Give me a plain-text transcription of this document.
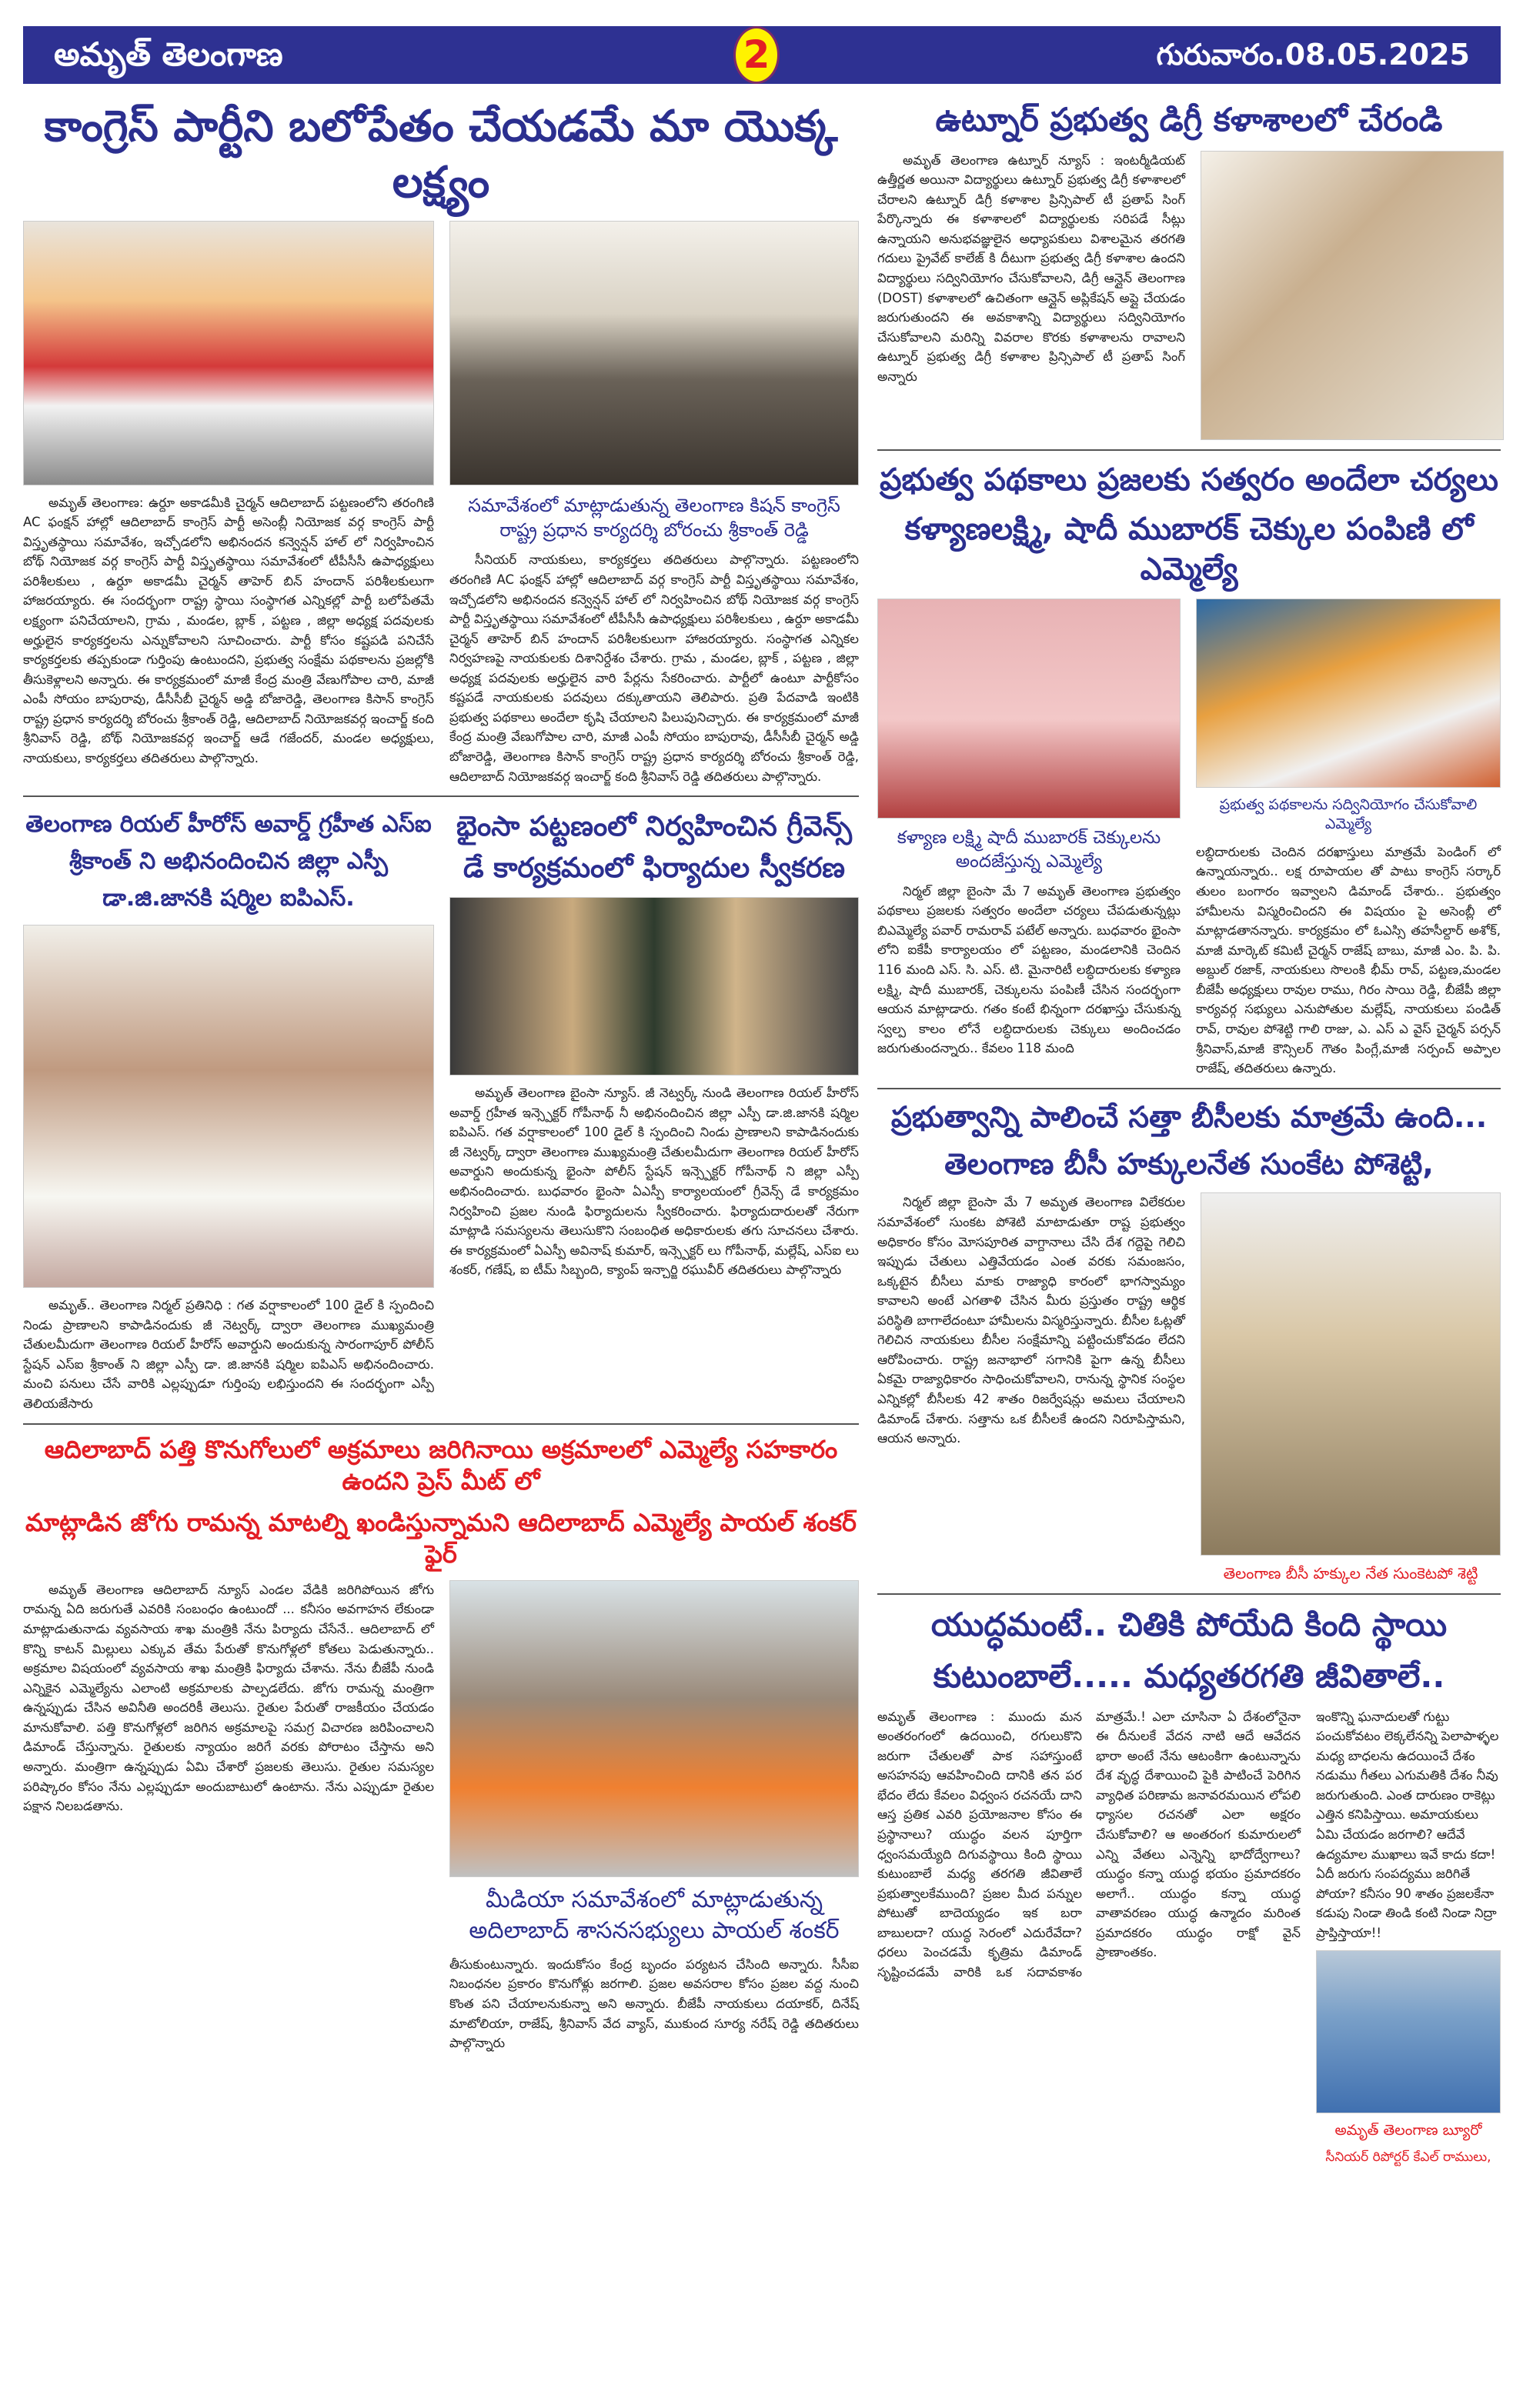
అమృత్ తెలంగాణ	2	గురువారం.08.05.2025
కాంగ్రెస్ పార్టీని బలోపేతం చేయడమే మా యొక్క లక్ష్యం
అమృత్ తెలంగాణ: ఉర్దూ అకాడమీకి చైర్మన్ ఆదిలాబాద్ పట్టణంలోని తరంగిణి AC ఫంక్షన్ హాల్లో ఆదిలాబాద్ కాంగ్రెస్ పార్టీ అసెంబ్లీ నియోజక వర్గ కాంగ్రెస్ పార్టీ విస్తృతస్థాయి సమావేశం, ఇచ్చోడలోని అభినందన కన్వెన్షన్ హాల్ లో నిర్వహించిన బోథ్ నియోజక వర్గ కాంగ్రెస్ పార్టీ విస్తృతస్థాయి సమావేశంలో టీపీసీసీ ఉపాధ్యక్షులు పరిశీలకులు , ఉర్దూ అకాడమీ చైర్మన్ తాహెర్ బిన్ హందాన్ పరిశీలకులుగా హాజరయ్యారు. ఈ సందర్భంగా రాష్ట్ర స్థాయి సంస్థాగత ఎన్నికల్లో పార్టీ బలోపేతమే లక్ష్యంగా పనిచేయాలని, గ్రామ , మండల, బ్లాక్ , పట్టణ , జిల్లా అధ్యక్ష పదవులకు అర్హులైన కార్యకర్తలను ఎన్నుకోవాలని సూచించారు. పార్టీ కోసం కష్టపడి పనిచేసే కార్యకర్తలకు తప్పకుండా గుర్తింపు ఉంటుందని, ప్రభుత్వ సంక్షేమ పథకాలను ప్రజల్లోకి తీసుకెళ్లాలని అన్నారు. ఈ కార్యక్రమంలో మాజీ కేంద్ర మంత్రి వేణుగోపాల చారి, మాజీ ఎంపీ సోయం బాపురావు, డీసీసీబీ చైర్మన్ అడ్డి బోజారెడ్డి, తెలంగాణ కిసాన్ కాంగ్రెస్ రాష్ట్ర ప్రధాన కార్యదర్శి బోరంచు శ్రీకాంత్ రెడ్డి, ఆదిలాబాద్ నియోజకవర్గ ఇంచార్జ్ కంది శ్రీనివాస్ రెడ్డి, బోథ్ నియోజకవర్గ ఇంచార్జ్ ఆడే గజేందర్, మండల అధ్యక్షులు, నాయకులు, కార్యకర్తలు తదితరులు పాల్గొన్నారు.
సమావేశంలో మాట్లాడుతున్న తెలంగాణ కిషన్ కాంగ్రెస్ రాష్ట్ర ప్రధాన కార్యదర్శి బోరంచు శ్రీకాంత్ రెడ్డి
సీనియర్ నాయకులు, కార్యకర్తలు తదితరులు పాల్గొన్నారు. పట్టణంలోని తరంగిణి AC ఫంక్షన్ హాల్లో ఆదిలాబాద్ వర్గ కాంగ్రెస్ పార్టీ విస్తృతస్థాయి సమావేశం, ఇచ్చోడలోని అభినందన కన్వెన్షన్ హాల్ లో నిర్వహించిన బోథ్ నియోజక వర్గ కాంగ్రెస్ పార్టీ విస్తృతస్థాయి సమావేశంలో టీపీసీసీ ఉపాధ్యక్షులు పరిశీలకులు , ఉర్దూ అకాడమీ చైర్మన్ తాహెర్ బిన్ హందాన్ పరిశీలకులుగా హాజరయ్యారు. సంస్థాగత ఎన్నికల నిర్వహణపై నాయకులకు దిశానిర్దేశం చేశారు. గ్రామ , మండల, బ్లాక్ , పట్టణ , జిల్లా అధ్యక్ష పదవులకు అర్హులైన వారి పేర్లను సేకరించారు. పార్టీలో ఉంటూ పార్టీకోసం కష్టపడే నాయకులకు పదవులు దక్కుతాయని తెలిపారు. ప్రతి పేదవాడి ఇంటికి ప్రభుత్వ పథకాలు అందేలా కృషి చేయాలని పిలుపునిచ్చారు. ఈ కార్యక్రమంలో మాజీ కేంద్ర మంత్రి వేణుగోపాల చారి, మాజీ ఎంపీ సోయం బాపురావు, డీసీసీబీ చైర్మన్ అడ్డి బోజారెడ్డి, తెలంగాణ కిసాన్ కాంగ్రెస్ రాష్ట్ర ప్రధాన కార్యదర్శి బోరంచు శ్రీకాంత్ రెడ్డి, ఆదిలాబాద్ నియోజకవర్గ ఇంచార్జ్ కంది శ్రీనివాస్ రెడ్డి తదితరులు పాల్గొన్నారు.
తెలంగాణ రియల్ హీరోస్ అవార్డ్ గ్రహీత ఎస్ఐ శ్రీకాంత్ ని అభినందించిన జిల్లా ఎస్పీ డా.జి.జానకి షర్మిల ఐపిఎస్.
అమృత్.. తెలంగాణ నిర్మల్ ప్రతినిధి : గత వర్షాకాలంలో 100 డైల్ కి స్పందించి నిండు ప్రాణాలని కాపాడినందుకు జీ నెట్వర్క్ ద్వారా తెలంగాణ ముఖ్యమంత్రి చేతులమీదుగా తెలంగాణ రియల్ హీరోస్ అవార్డుని అందుకున్న సారంగాపూర్ పోలీస్ స్టేషన్ ఎస్ఐ శ్రీకాంత్ ని జిల్లా ఎస్పీ డా. జి.జానకి షర్మిల ఐపిఎస్ అభినందించారు. మంచి పనులు చేసే వారికి ఎల్లప్పుడూ గుర్తింపు లభిస్తుందని ఈ సందర్భంగా ఎస్పీ తెలియజేసారు
భైంసా పట్టణంలో నిర్వహించిన గ్రీవెన్స్ డే కార్యక్రమంలో ఫిర్యాదుల స్వీకరణ
అమృత్ తెలంగాణ బైంసా న్యూస్. జీ నెట్వర్క్ నుండి తెలంగాణ రియల్ హీరోస్ అవార్డ్ గ్రహీత ఇన్స్పెక్టర్ గోపీనాథ్ నీ అభినందించిన జిల్లా ఎస్పీ డా.జి.జానకి షర్మిల ఐపిఎస్. గత వర్షాకాలంలో 100 డైల్ కి స్పందించి నిండు ప్రాణాలని కాపాడినందుకు జీ నెట్వర్క్ ద్వారా తెలంగాణ ముఖ్యమంత్రి చేతులమీదుగా తెలంగాణ రియల్ హీరోస్ అవార్డుని అందుకున్న భైంసా పోలీస్ స్టేషన్ ఇన్స్పెక్టర్ గోపీనాథ్ ని జిల్లా ఎస్పీ అభినందించారు. బుధవారం భైంసా ఏఎస్పీ కార్యాలయంలో గ్రీవెన్స్ డే కార్యక్రమం నిర్వహించి ప్రజల నుండి ఫిర్యాదులను స్వీకరించారు. ఫిర్యాదుదారులతో నేరుగా మాట్లాడి సమస్యలను తెలుసుకొని సంబంధిత అధికారులకు తగు సూచనలు చేశారు. ఈ కార్యక్రమంలో ఏఎస్పీ అవినాష్ కుమార్, ఇన్స్పెక్టర్ లు గోపీనాథ్, మల్లేష్, ఎస్ఐ లు శంకర్, గణేష్, ఐ టీమ్ సిబ్బంది, క్యాంప్ ఇన్చార్జి రఘువీర్ తదితరులు పాల్గొన్నారు
ఆదిలాబాద్ పత్తి కొనుగోలులో అక్రమాలు జరిగినాయి అక్రమాలలో ఎమ్మెల్యే సహకారం ఉందని ప్రెస్ మీట్ లో
మాట్లాడిన జోగు రామన్న మాటల్ని ఖండిస్తున్నామని ఆదిలాబాద్ ఎమ్మెల్యే పాయల్ శంకర్ ఫైర్
అమృత్ తెలంగాణ ఆదిలాబాద్ న్యూస్ ఎండల వేడికి జరిగిపోయిన జోగు రామన్న ఏది జరుగుతే ఎవరికి సంబంధం ఉంటుందో ... కనీసం అవగాహన లేకుండా మాట్లాడుతునాడు వ్యవసాయ శాఖ మంత్రికి నేను పిర్యాదు చేసేనే.. ఆదిలాబాద్ లో కొన్ని కాటన్ మిల్లులు ఎక్కువ తేమ పేరుతో కొనుగోళ్లలో కోతలు పెడుతున్నారు.. అక్రమాల విషయంలో వ్యవసాయ శాఖ మంత్రికి ఫిర్యాదు చేశాను. నేను బీజేపీ నుండి ఎన్నికైన ఎమ్మెల్యేను ఎలాంటి అక్రమాలకు పాల్పడలేదు. జోగు రామన్న మంత్రిగా ఉన్నప్పుడు చేసిన అవినీతి అందరికీ తెలుసు. రైతుల పేరుతో రాజకీయం చేయడం మానుకోవాలి. పత్తి కొనుగోళ్లలో జరిగిన అక్రమాలపై సమగ్ర విచారణ జరిపించాలని డిమాండ్ చేస్తున్నాను. రైతులకు న్యాయం జరిగే వరకు పోరాటం చేస్తాను అని అన్నారు. మంత్రిగా ఉన్నప్పుడు ఏమి చేశారో ప్రజలకు తెలుసు. రైతుల సమస్యల పరిష్కారం కోసం నేను ఎల్లప్పుడూ అందుబాటులో ఉంటాను. నేను ఎప్పుడూ రైతుల పక్షాన నిలబడతాను.
మీడియా సమావేశంలో మాట్లాడుతున్న అదిలాబాద్ శాసనసభ్యులు పాయల్ శంకర్
తీసుకుంటున్నారు. ఇందుకోసం కేంద్ర బృందం పర్యటన చేసింది అన్నారు. సీసీఐ నిబంధనల ప్రకారం కొనుగోళ్లు జరగాలి. ప్రజల అవసరాల కోసం ప్రజల వద్ద నుంచి కొంత పని చేయాలనుకున్నా అని అన్నారు. బీజేపీ నాయకులు దయాకర్, దినేష్ మాటోలియా, రాజేష్, శ్రీనివాస్ వేద వ్యాస్, ముకుంద సూర్య నరేష్ రెడ్డి తదితరులు పాల్గొన్నారు
ఉట్నూర్ ప్రభుత్వ డిగ్రీ కళాశాలలో చేరండి
అమృత్ తెలంగాణ ఉట్నూర్ న్యూస్ : ఇంటర్మీడియట్ ఉత్తీర్ణత అయినా విద్యార్థులు ఉట్నూర్ ప్రభుత్వ డిగ్రీ కళాశాలలో చేరాలని ఉట్నూర్ డిగ్రీ కళాశాల ప్రిన్సిపాల్ టీ ప్రతాప్ సింగ్ పేర్కొన్నారు ఈ కళాశాలలో విద్యార్థులకు సరిపడే సీట్లు ఉన్నాయని అనుభవజ్ఞులైన అధ్యాపకులు విశాలమైన తరగతి గదులు ప్రైవేట్ కాలేజ్ కి దీటుగా ప్రభుత్వ డిగ్రీ కళాశాల ఉందని విద్యార్థులు సద్వినియోగం చేసుకోవాలని, డిగ్రీ ఆన్లైన్ తెలంగాణ (DOST) కళాశాలలో ఉచితంగా ఆన్లైన్ అప్లికేషన్ అప్లై చేయడం జరుగుతుందని ఈ అవకాశాన్ని విద్యార్థులు సద్వినియోగం చేసుకోవాలని మరిన్ని వివరాల కొరకు కళాశాలను రావాలని ఉట్నూర్ ప్రభుత్వ డిగ్రీ కళాశాల ప్రిన్సిపాల్ టీ ప్రతాప్ సింగ్ అన్నారు
ప్రభుత్వ పథకాలు ప్రజలకు సత్వరం అందేలా చర్యలు
కళ్యాణలక్ష్మి, షాదీ ముబారక్ చెక్కుల పంపిణి లో ఎమ్మెల్యే
కళ్యాణ లక్ష్మి షాదీ ముబారక్ చెక్కులను అందజేస్తున్న ఎమ్మెల్యే
నిర్మల్ జిల్లా బైంసా మే 7 అమృత్ తెలంగాణ ప్రభుత్వం పథకాలు ప్రజలకు సత్వరం అందేలా చర్యలు చేపడుతున్నట్లు బిఎమ్మెల్యే పవార్ రామరావ్ పటేల్ అన్నారు. బుధవారం భైంసా లోని ఐకేపీ కార్యాలయం లో పట్టణం, మండలానికి చెందిన 116 మంది ఎస్. సి. ఎస్. టి. మైనారిటీ లబ్ధిదారులకు కళ్యాణ లక్ష్మి, షాదీ ముబారక్, చెక్కులను పంపిణీ చేసిన సందర్భంగా ఆయన మాట్లాడారు. గతం కంటే భిన్నంగా దరఖాస్తు చేసుకున్న స్వల్ప కాలం లోనే లబ్ధిదారులకు చెక్కులు అందించడం జరుగుతుందన్నారు.. కేవలం 118 మంది
ప్రభుత్వ పథకాలను సద్వినియోగం చేసుకోవాలి ఎమ్మెల్యే
లబ్ధిదారులకు చెందిన దరఖాస్తులు మాత్రమే పెండింగ్ లో ఉన్నాయన్నారు.. లక్ష రూపాయల తో పాటు కాంగ్రెస్ సర్కార్ తులం బంగారం ఇవ్వాలని డిమాండ్ చేశారు.. ప్రభుత్వం హామీలను విస్మరించిందని ఈ విషయం పై అసెంబ్లీ లో మాట్లాడతానన్నారు. కార్యక్రమం లో ఓఎస్సి తహసీల్దార్ అశోక్, మాజీ మార్కెట్ కమిటీ చైర్మన్ రాజేష్ బాబు, మాజీ ఎం. పి. పి. అబ్దుల్ రజాక్, నాయకులు సొలంకి భీమ్ రావ్, పట్టణ,మండల బీజేపీ అధ్యక్షులు రావుల రాము, గిరం సాయి రెడ్డి, బీజేపీ జిల్లా కార్యవర్గ సభ్యులు ఎనుపోతుల మల్లేష్, నాయకులు పండిత్ రావ్, రావుల పోశెట్టి గాలి రాజు, ఎ. ఎస్ ఎ వైస్ చైర్మన్ పర్సన్ శ్రీనివాస్,మాజీ కౌన్సిలర్ గౌతం పింగ్లే,మాజీ సర్పంచ్ అప్పాల రాజేష్, తదితరులు ఉన్నారు.
ప్రభుత్వాన్ని పాలించే సత్తా బీసీలకు మాత్రమే ఉంది...
తెలంగాణ బీసీ హక్కులనేత సుంకేట పోశెట్టి,
నిర్మల్ జిల్లా బైంసా మే 7 అమృత తెలంగాణ విలేకరుల సమావేశంలో సుంకట పోశెటి మాటాడుతూ రాష్ట ప్రభుత్వం అధికారం కోసం మోసపూరిత వాగ్దానాలు చేసి దేశ గద్దెపై గెలిచి ఇప్పుడు చేతులు ఎత్తివేయడం ఎంత వరకు సమంజసం, ఒక్కటైన బీసీలు మాకు రాజ్యాధి కారంలో భాగస్వామ్యం కావాలని అంటే ఎగతాళి చేసిన మీరు ప్రస్తుతం రాష్ట్ర ఆర్థిక పరిస్థితి బాగాలేదంటూ హామీలను విస్మరిస్తున్నారు. బీసీల ఓట్లతో గెలిచిన నాయకులు బీసీల సంక్షేమాన్ని పట్టించుకోవడం లేదని ఆరోపించారు. రాష్ట్ర జనాభాలో సగానికి పైగా ఉన్న బీసీలు ఏకమై రాజ్యాధికారం సాధించుకోవాలని, రానున్న స్థానిక సంస్థల ఎన్నికల్లో బీసీలకు 42 శాతం రిజర్వేషన్లు అమలు చేయాలని డిమాండ్ చేశారు. సత్తాను ఒక బీసీలకే ఉందని నిరూపిస్తామని, ఆయన అన్నారు.
తెలంగాణ బీసీ హక్కుల నేత సుంకెటపో శెట్టి
యుద్ధమంటే.. చితికి పోయేది కింది స్థాయి
కుటుంబాలే..... మధ్యతరగతి జీవితాలే..
అమృత్ తెలంగాణ : ముందు మన అంతరంగంలో ఉదయించి, రగులుకొని జరుగా చేతులతో పాక సహాస్తుంటే అసహనపు ఆవహించింది దానికి తన పర భేదం లేదు కేవలం విధ్వంస రచనయే దాని ఆస్త ప్రతిక ఎవరి ప్రయోజనాల కోసం ఈ ప్రస్థానాలు? యుద్ధం వలన పూర్తిగా ధ్వంసమయ్యేది దిగువస్థాయి కింది స్థాయి కుటుంబాలే మధ్య తరగతి జీవితాలే ప్రభుత్వాలకేముంది? ప్రజల మీద పన్నుల పోటుతో బాదెయ్యడం ఇక బరా బాబులదా? యుద్ధ సెరంలో ఎదురేవేదా? ధరలు పెంచడమే కృత్రిమ డిమాండ్ సృష్టించడమే వారికి ఒక సదావకాశం మాత్రమే.! ఎలా చూసినా ఏ దేశంలోనైనా ఈ దీనులకే వేదన నాటి ఆదే ఆవేదన భారా అంటే నేను ఆటంకిగా ఉంటున్నాను దేశ వృద్ధ దేశాయించి పైకి పాటించే పెరిగిన వ్యాధిత పరిణామ జనావరమయిన లోపలి ధ్యాసల రచనతో ఎలా అక్షరం చేసుకోవాలి? ఆ అంతరంగ కుమారులలో ఎన్ని వేతలు ఎన్నెన్ని భాదోద్వేగాలు? యుద్ధం కన్నా యుద్ధ భయం ప్రమాదకరం అలాగే.. యుద్ధం కన్నా యుద్ధ వాతావరణం యుద్ధ ఉన్మాదం మరింత ప్రమాదకరం యుద్ధం రాక్షో వైన్ ప్రాణాంతకం.
ఇంకొన్ని ఘనాదులతో గుట్టు పంచుకోవటం లెక్కలేనన్ని పెలాపాళ్ళల మధ్య బాధలను ఉదయించే దేశం నడుము గీతలు ఎగుమతికి దేశం నీవు జరుగుతుంది. ఎంత దారుణం రాకెట్లు ఎత్తిన కనిపిస్తాయి. అమాయకులు ఏమి చేయడం జరగాలి? ఆదేవే ఉద్యమాల ముఖాలు ఇవే కాదు కదా! ఏదీ జరుగు సంపద్యము జరిగితే పోయా? కనీసం 90 శాతం ప్రజలకేనా కడుపు నిండా తిండి కంటి నిండా నిద్రా ప్రాప్తిస్తాయా!!
అమృత్ తెలంగాణ బ్యూరో
సీనియర్ రిపోర్టర్ కేఎల్ రాములు,
